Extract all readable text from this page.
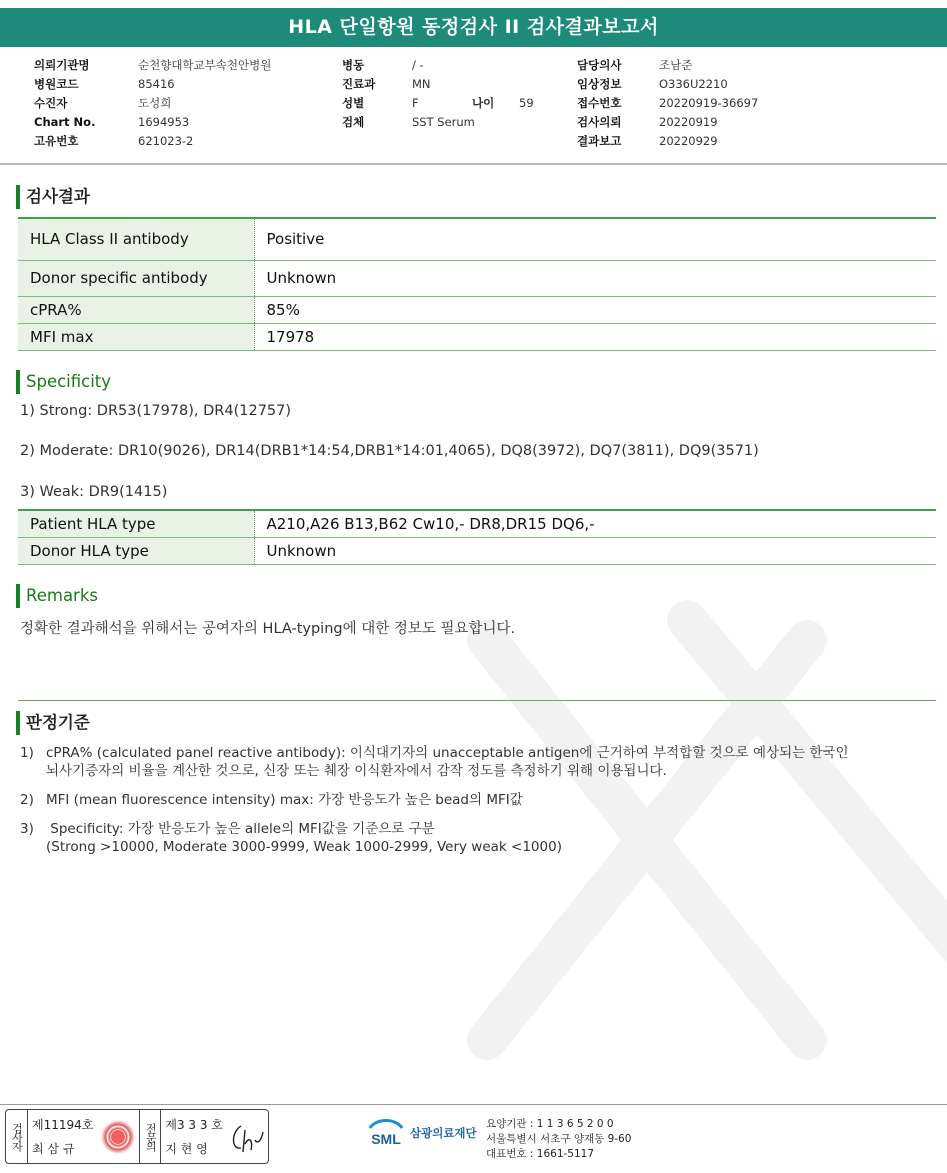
HLA 단일항원 동정검사 II 검사결과보고서
의뢰기관명	순천향대학교부속천안병원
병원코드	85416
수진자	도성희
Chart No.	1694953
고유번호	621023-2
병동	/ -
진료과	MN
성별	F	나이	59
검체	SST Serum
담당의사	조남준
임상정보	O336U2210
접수번호	20220919-36697
검사의뢰	20220919
결과보고	20220929
검사결과
HLA Class II antibody	Positive
Donor specific antibody	Unknown
cPRA%	85%
MFI max	17978
Specificity
1) Strong: DR53(17978), DR4(12757)
2) Moderate: DR10(9026), DR14(DRB1*14:54,DRB1*14:01,4065), DQ8(3972), DQ7(3811), DQ9(3571)
3) Weak: DR9(1415)
Patient HLA type	A210,A26 B13,B62 Cw10,- DR8,DR15 DQ6,-
Donor HLA type	Unknown
Remarks
정확한 결과해석을 위해서는 공여자의 HLA-typing에 대한 정보도 필요합니다.
판정기준
1) cPRA% (calculated panel reactive antibody): 이식대기자의 unacceptable antigen에 근거하여 부적합할 것으로 예상되는 한국인
뇌사기증자의 비율을 계산한 것으로, 신장 또는 췌장 이식환자에서 감작 정도를 측정하기 위해 이용됩니다.
2) MFI (mean fluorescence intensity) max: 가장 반응도가 높은 bead의 MFI값
3) Specificity: 가장 반응도가 높은 allele의 MFI값을 기준으로 구분
(Strong >10000, Moderate 3000-9999, Weak 1000-2999, Very weak <1000)
검사자 제11194호
최 삼 규	전문의 제3 3 3 호
지 현 영
SML 삼광의료재단
요양기관 : 1 1 3 6 5 2 0 0
서울특별시 서초구 양재동 9-60
대표번호 : 1661-5117
